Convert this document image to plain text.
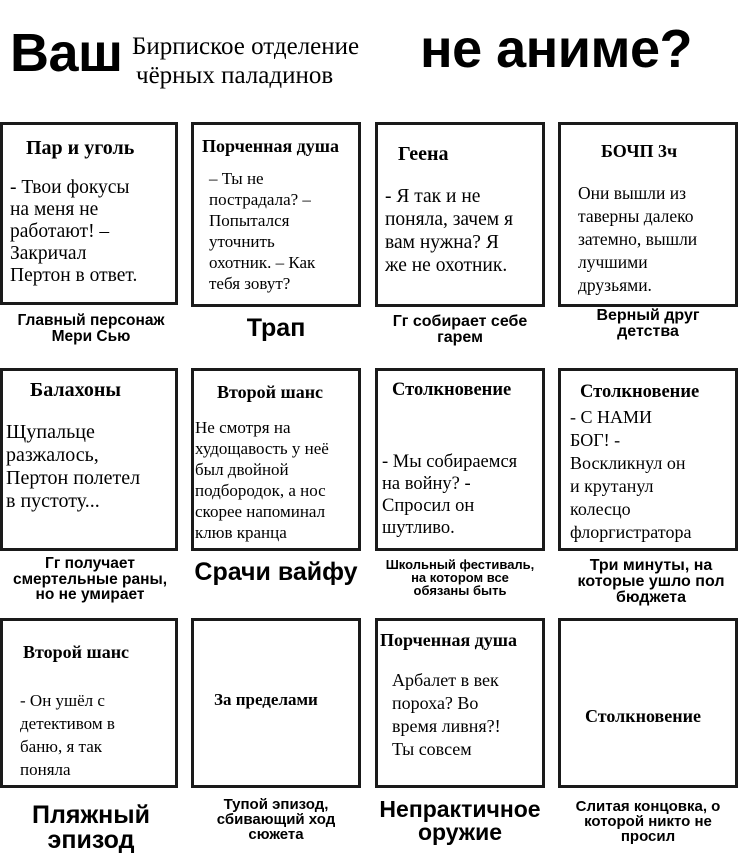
Ваш Бирпиское отделение
чёрных паладинов не аниме?
Пар и уголь
- Твои фокусы
на меня не
работают! –
Закричал
Пертон в ответ.
Главный персонаж
Мери Сью
Порченная душа
– Ты не
пострадала? –
Попытался
уточнить
охотник. – Как
тебя зовут?
Трап
Геена
- Я так и не
поняла, зачем я
вам нужна? Я
же не охотник.
Гг собирает себе
гарем
БОЧП 3ч
Они вышли из
таверны далеко
затемно, вышли
лучшими
друзьями.
Верный друг
детства
Балахоны
Щупальце
разжалось,
Пертон полетел
в пустоту...
Гг получает
смертельные раны,
но не умирает
Второй шанс
Не смотря на
худощавость у неё
был двойной
подбородок, а нос
скорее напоминал
клюв кранца
Срачи вайфу
Столкновение
- Мы собираемся
на войну? -
Спросил он
шутливо.
Школьный фестиваль,
на котором все
обязаны быть
Столкновение
- С НАМИ
БОГ! -
Воскликнул он
и крутанул
колесцо
флоргистратора
Три минуты, на
которые ушло пол
бюджета
Второй шанс
- Он ушёл с
детективом в
баню, я так
поняла
Пляжный
эпизод
За пределами
Тупой эпизод,
сбивающий ход
сюжета
Порченная душа
Арбалет в век
пороха? Во
время ливня?!
Ты совсем
Непрактичное
оружие
Столкновение
Слитая концовка, о
которой никто не
просил
